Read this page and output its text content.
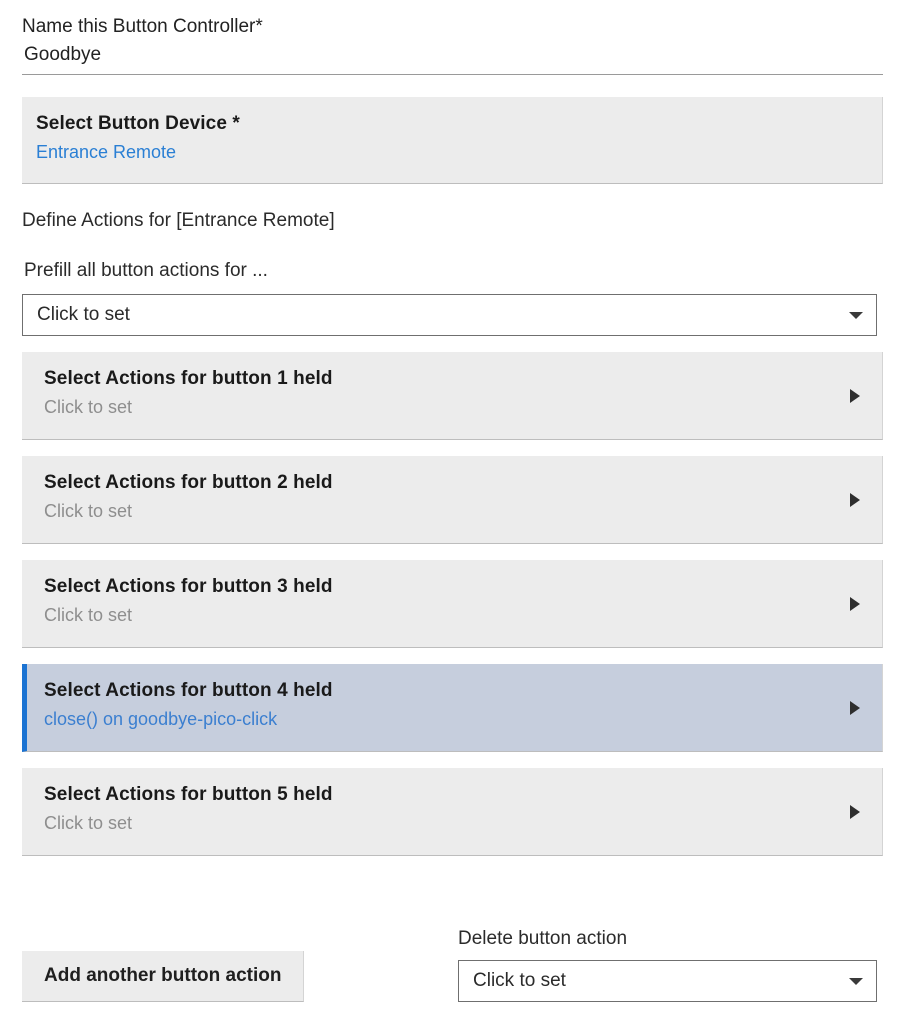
Name this Button Controller*
Goodbye
Select Button Device *
Entrance Remote
Define Actions for [Entrance Remote]
Prefill all button actions for ...
Click to set
Select Actions for button 1 held
Click to set
Select Actions for button 2 held
Click to set
Select Actions for button 3 held
Click to set
Select Actions for button 4 held
close() on goodbye-pico-click
Select Actions for button 5 held
Click to set
Add another button action
Delete button action
Click to set
